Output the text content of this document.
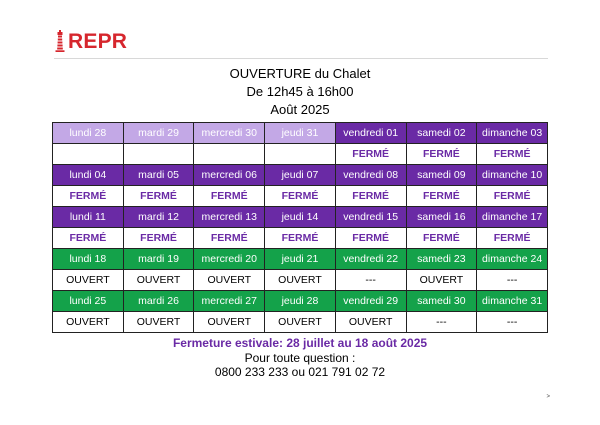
REPR
OUVERTURE du Chalet
De 12h45 à 16h00
Août 2025
lundi 28	mardi 29	mercredi 30	jeudi 31	vendredi 01	samedi 02	dimanche 03
				FERMÉ	FERMÉ	FERMÉ
lundi 04	mardi 05	mercredi 06	jeudi 07	vendredi 08	samedi 09	dimanche 10
FERMÉ	FERMÉ	FERMÉ	FERMÉ	FERMÉ	FERMÉ	FERMÉ
lundi 11	mardi 12	mercredi 13	jeudi 14	vendredi 15	samedi 16	dimanche 17
FERMÉ	FERMÉ	FERMÉ	FERMÉ	FERMÉ	FERMÉ	FERMÉ
lundi 18	mardi 19	mercredi 20	jeudi 21	vendredi 22	samedi 23	dimanche 24
OUVERT	OUVERT	OUVERT	OUVERT	---	OUVERT	---
lundi 25	mardi 26	mercredi 27	jeudi 28	vendredi 29	samedi 30	dimanche 31
OUVERT	OUVERT	OUVERT	OUVERT	OUVERT	---	---
Fermeture estivale: 28 juillet au 18 août 2025
Pour toute question :
0800 233 233 ou 021 791 02 72
>
